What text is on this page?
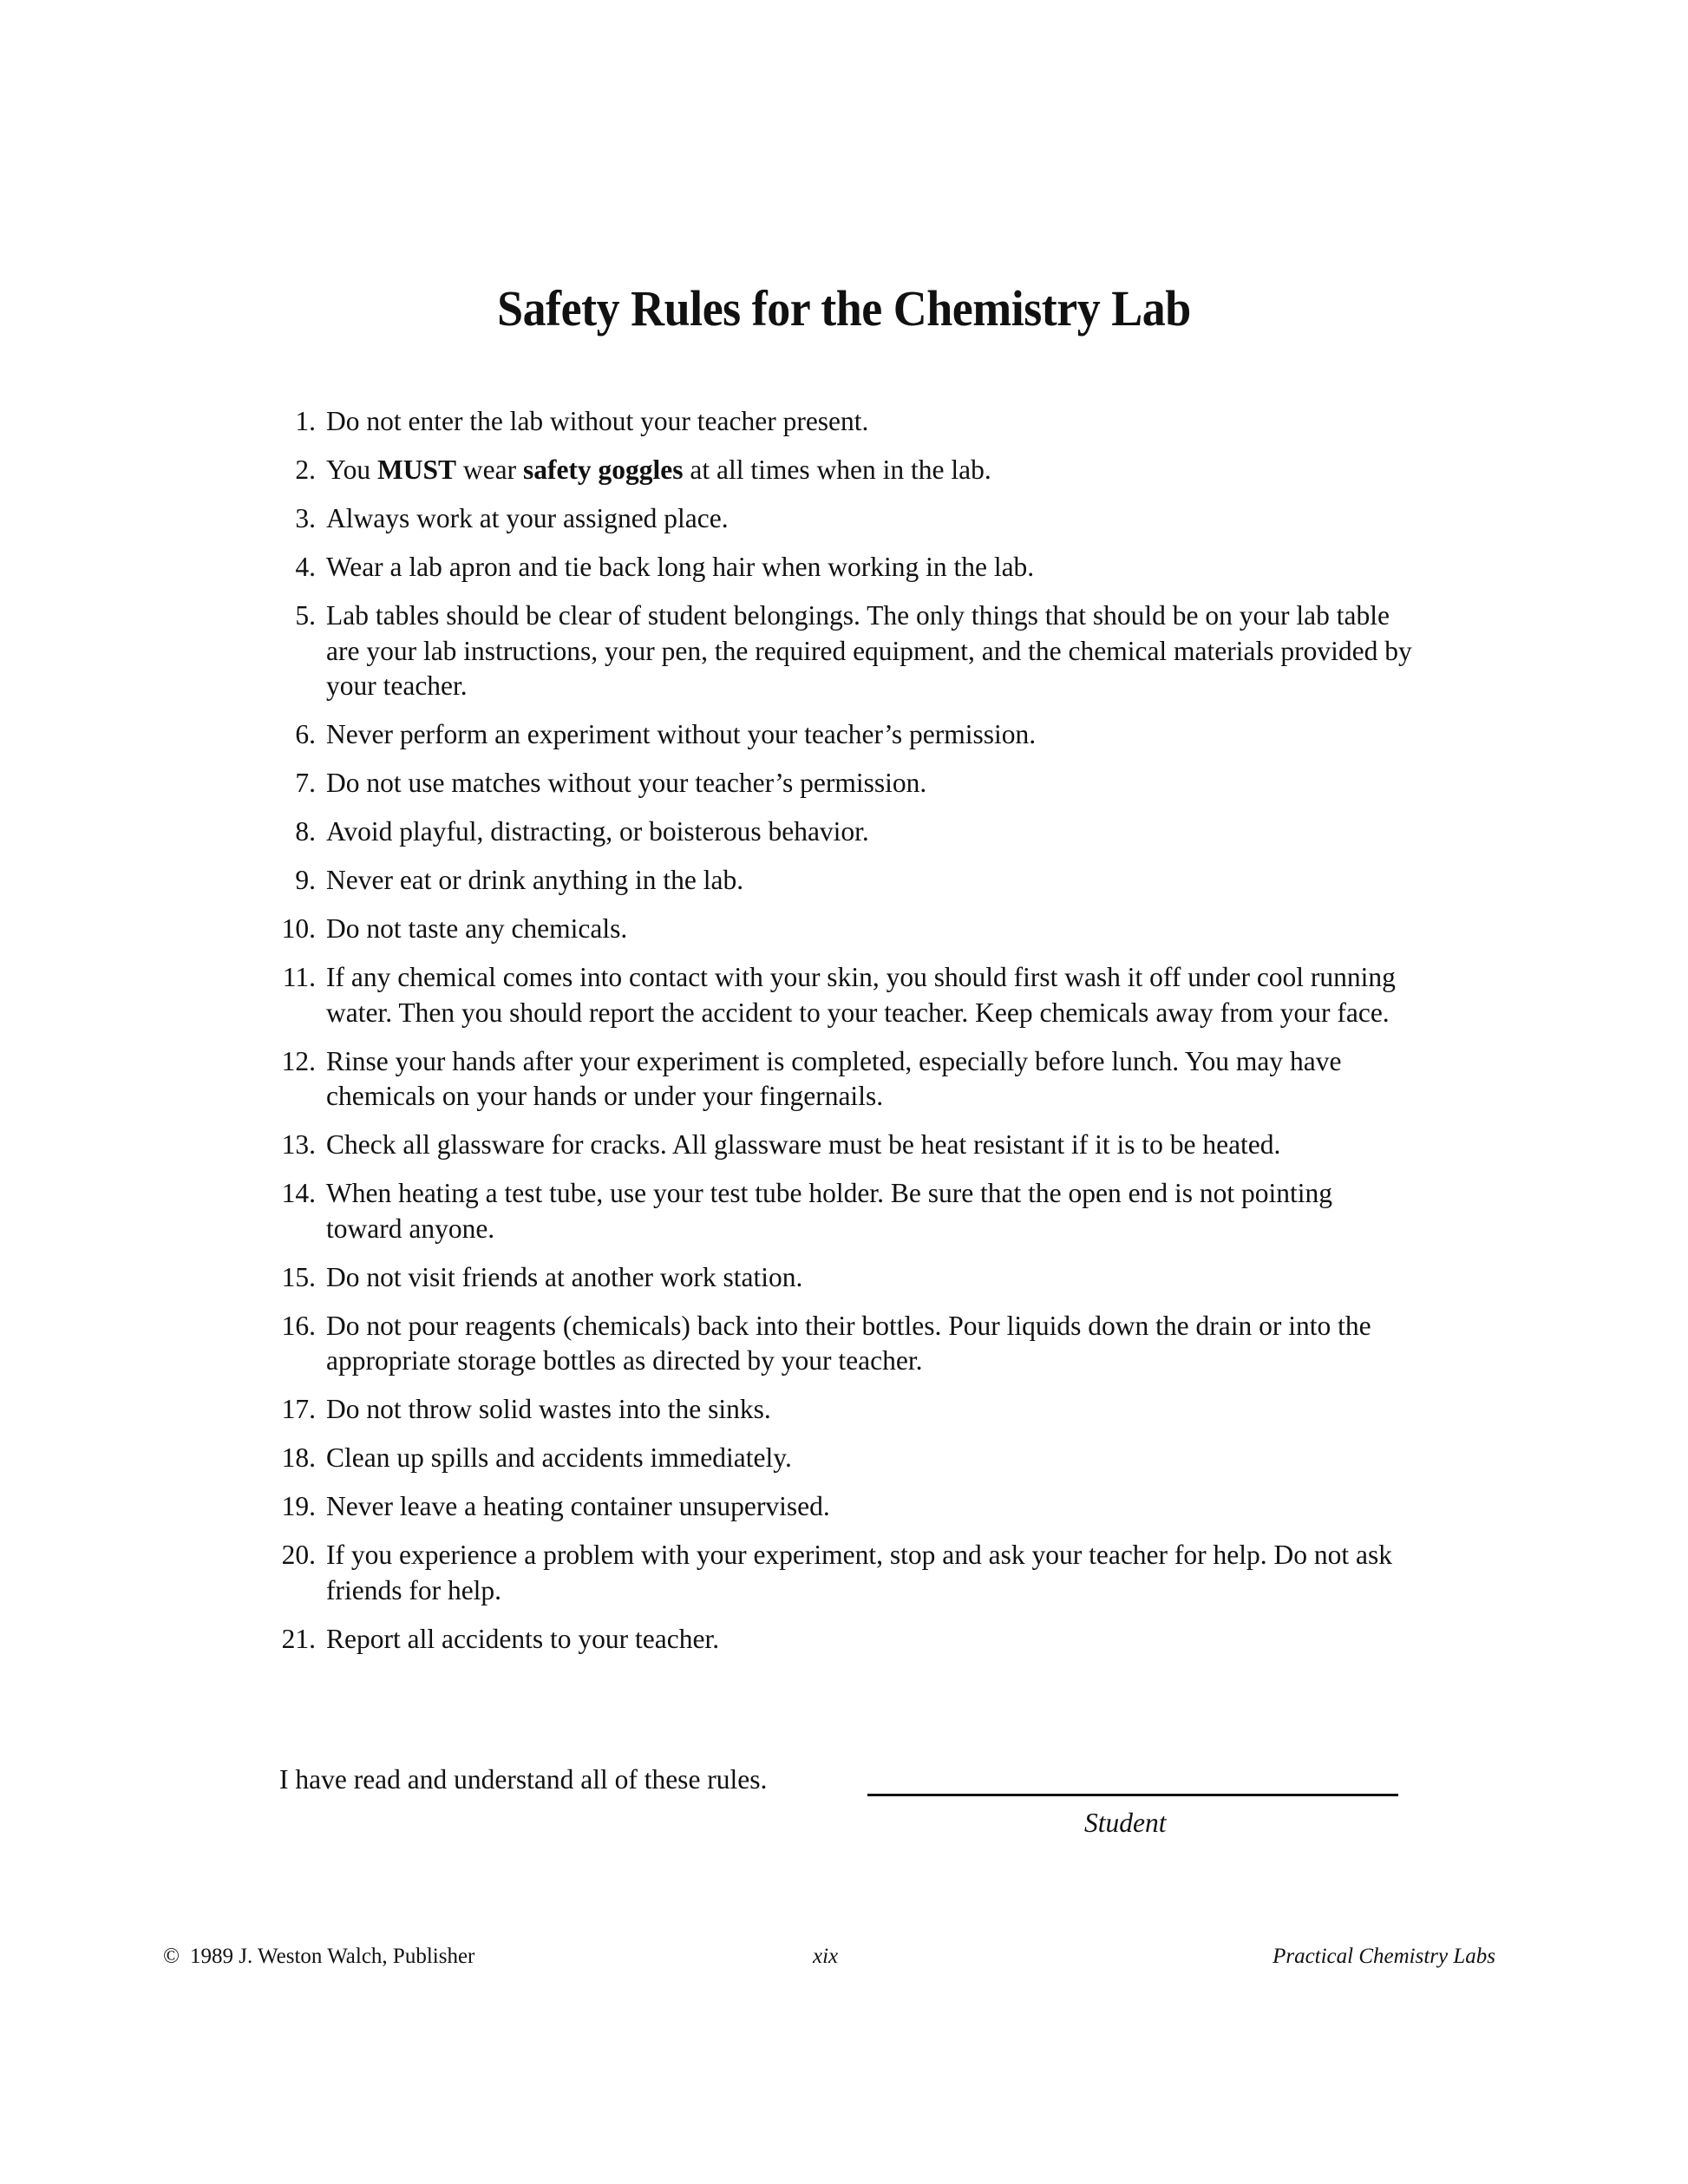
Safety Rules for the Chemistry Lab
1. Do not enter the lab without your teacher present.
2. You MUST wear safety goggles at all times when in the lab.
3. Always work at your assigned place.
4. Wear a lab apron and tie back long hair when working in the lab.
5. Lab tables should be clear of student belongings. The only things that should be on your lab table are your lab instructions, your pen, the required equipment, and the chemical materials provided by your teacher.
6. Never perform an experiment without your teacher’s permission.
7. Do not use matches without your teacher’s permission.
8. Avoid playful, distracting, or boisterous behavior.
9. Never eat or drink anything in the lab.
10. Do not taste any chemicals.
11. If any chemical comes into contact with your skin, you should first wash it off under cool running water. Then you should report the accident to your teacher. Keep chemicals away from your face.
12. Rinse your hands after your experiment is completed, especially before lunch. You may have chemicals on your hands or under your fingernails.
13. Check all glassware for cracks. All glassware must be heat resistant if it is to be heated.
14. When heating a test tube, use your test tube holder. Be sure that the open end is not pointing toward anyone.
15. Do not visit friends at another work station.
16. Do not pour reagents (chemicals) back into their bottles. Pour liquids down the drain or into the appropriate storage bottles as directed by your teacher.
17. Do not throw solid wastes into the sinks.
18. Clean up spills and accidents immediately.
19. Never leave a heating container unsupervised.
20. If you experience a problem with your experiment, stop and ask your teacher for help. Do not ask friends for help.
21. Report all accidents to your teacher.
I have read and understand all of these rules.
Student
© 1989 J. Weston Walch, Publisher	xix	Practical Chemistry Labs
